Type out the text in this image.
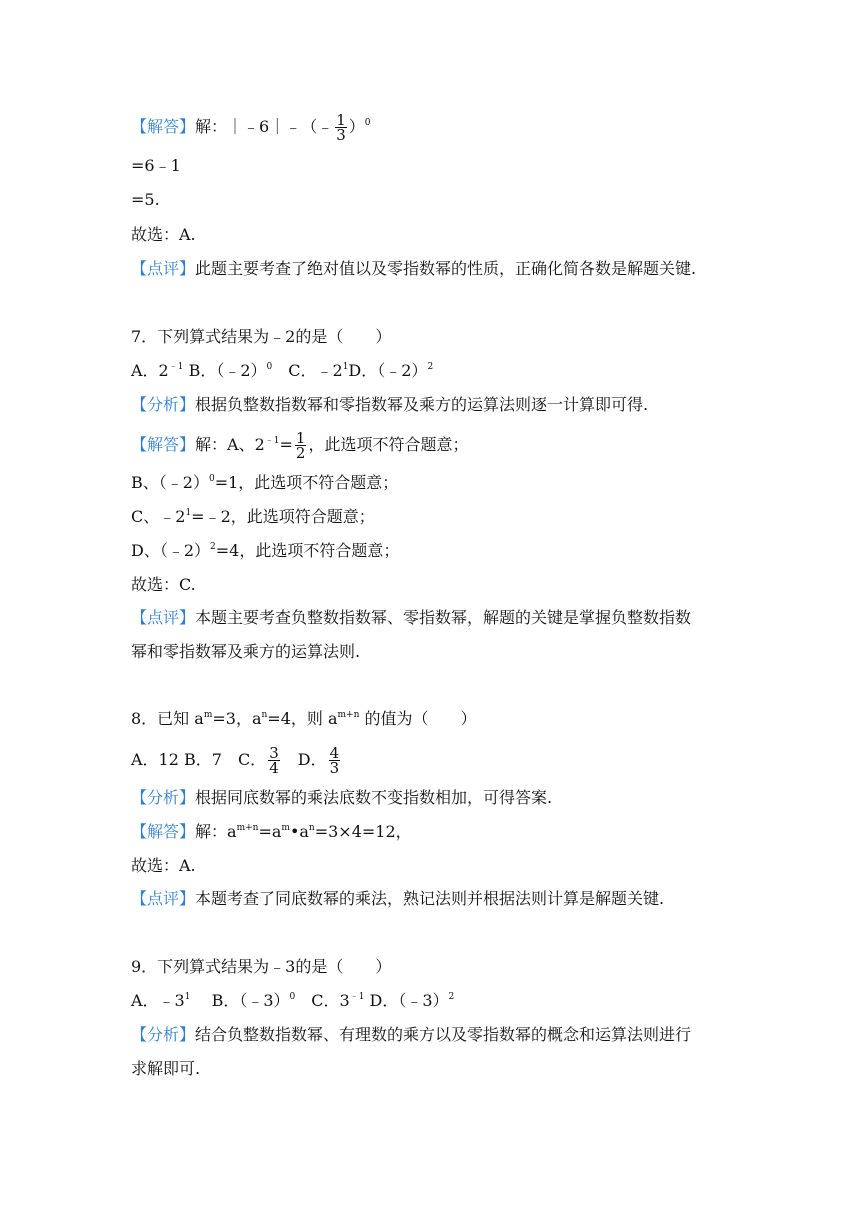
【解答】解：｜﹣6｜﹣（﹣ $\frac{1}{3} )^0$
=6﹣1
=5.
故选：A.
【点评】此题主要考查了绝对值以及零指数幂的性质，正确化简各数是解题关键.
7．下列算式结果为﹣2的是（　　）
A．$2^{﹣1}$ B．（﹣2）$^0$　C．$﹣2^1D$．（﹣2）$^2$
【分析】根据负整数指数幂和零指数幂及乘方的运算法则逐一计算即可得.
【解答】解：A、$2^{﹣1}= \frac{1}{2}$ ，此选项不符合题意；
B、（﹣2）$^0$=1，此选项不符合题意；
C、$﹣2^1=﹣2$，此选项符合题意；
D、（﹣2）$^2$=4，此选项不符合题意；
故选：C.
【点评】本题主要考查负整数指数幂、零指数幂，解题的关键是掌握负整数指数
幂和零指数幂及乘方的运算法则.
8．已知 $a^m=3$，$a^n=4$，则 $a^{m+n}$ 的值为（　　）
A．12 B．7　C． $\frac{3}{4}$ 　D． $\frac{4}{3}$
【分析】根据同底数幂的乘法底数不变指数相加，可得答案.
【解答】解：$a^{m+n}=a^m•a^n=3\times 4=12$，
故选：A.
【点评】本题考查了同底数幂的乘法，熟记法则并根据法则计算是解题关键.
9．下列算式结果为﹣3的是（　　）
A．$﹣3^1$　 B．（﹣3）$^0$　C．$3^{﹣1}$ D．（﹣3）$^2$
【分析】结合负整数指数幂、有理数的乘方以及零指数幂的概念和运算法则进行
求解即可.
